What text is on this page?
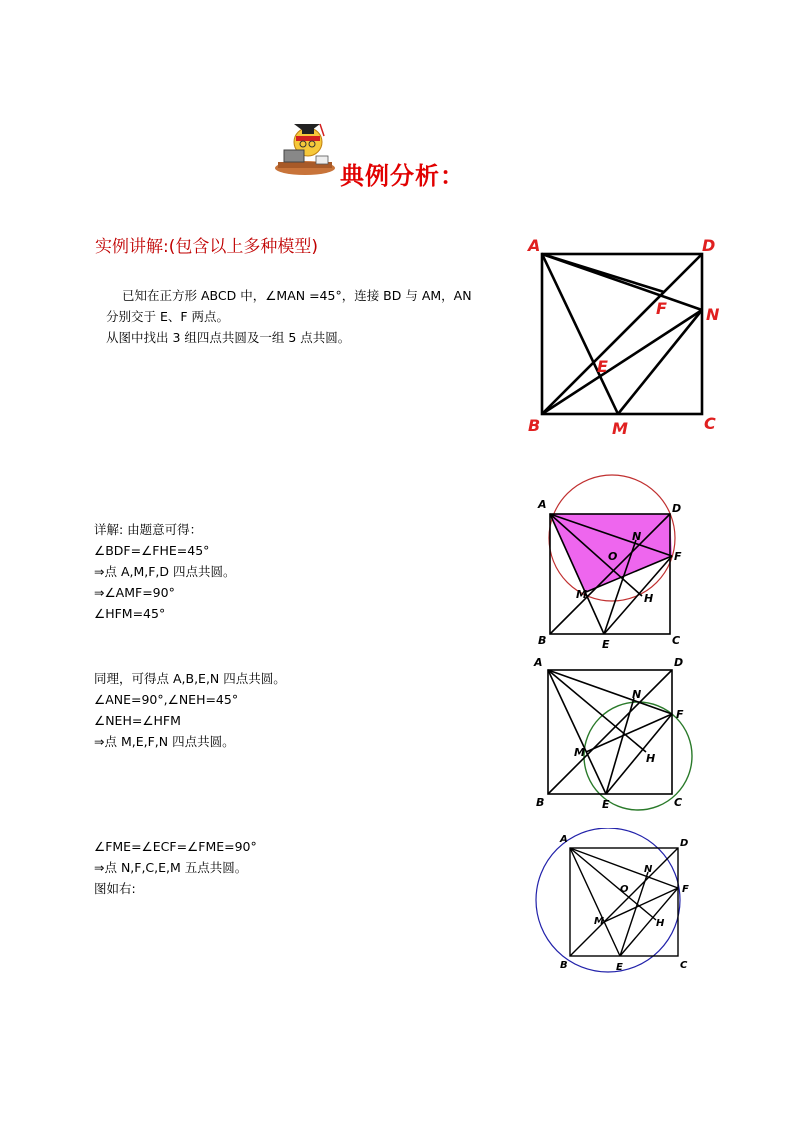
典例分析：
实例讲解:(包含以上多种模型)
已知在正方形 ABCD 中，∠MAN =45°，连接 BD 与 AM，AN
分别交于 E、F 两点。
从图中找出 3 组四点共圆及一组 5 点共圆。
详解: 由题意可得：
∠BDF=∠FHE=45°
⇒点 A,M,F,D 四点共圆。
⇒∠AMF=90°
∠HFM=45°
同理，可得点 A,B,E,N 四点共圆。
∠ANE=90°,∠NEH=45°
∠NEH=∠HFM
⇒点 M,E,F,N 四点共圆。
∠FME=∠ECF=∠FME=90°
⇒点 N,F,C,E,M 五点共圆。
图如右:
A	D
F N
E
B	M	C
A	D
N
O	F
M	H
B	E	C
A	D
N
F
M	H
B	E	C
A	D
N
O	F
M	H
B	E	C
